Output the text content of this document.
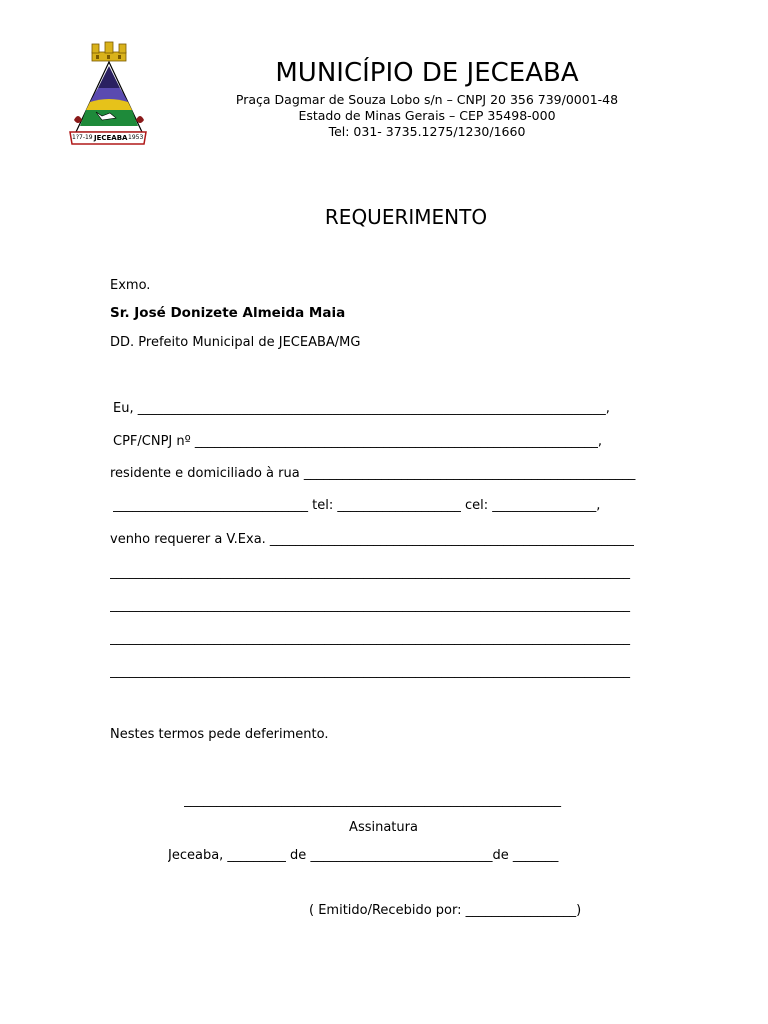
JECEABA
1?7-19	1953
MUNICÍPIO DE JECEABA
Praça Dagmar de Souza Lobo s/n – CNPJ 20 356 739/0001-48
Estado de Minas Gerais – CEP 35498-000
Tel: 031- 3735.1275/1230/1660
REQUERIMENTO
Exmo.
Sr. José Donizete Almeida Maia
DD. Prefeito Municipal de JECEABA/MG
Eu, ________________________________________________________________________,
CPF/CNPJ nº ______________________________________________________________,
residente e domiciliado à rua ___________________________________________________
______________________________ tel: ___________________ cel: ________________,
venho requerer a V.Exa. ________________________________________________________
________________________________________________________________________________
________________________________________________________________________________
________________________________________________________________________________
________________________________________________________________________________
Nestes termos pede deferimento.
__________________________________________________________
Assinatura
Jeceaba, _________ de ____________________________de _______
( Emitido/Recebido por: _________________)
